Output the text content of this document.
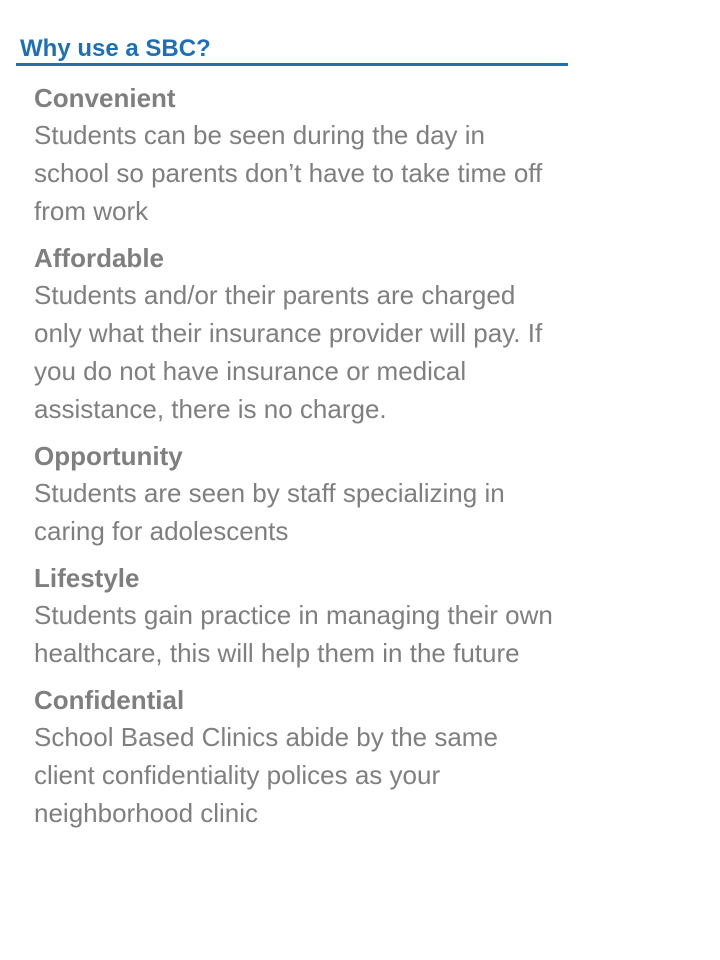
Why use a SBC?
Convenient
Students can be seen during the day in school so parents don’t have to take time off from work
Affordable
Students and/or their parents are charged only what their insurance provider will pay. If you do not have insurance or medical assistance, there is no charge.
Opportunity
Students are seen by staff specializing in caring for adolescents
Lifestyle
Students gain practice in managing their own healthcare, this will help them in the future
Confidential
School Based Clinics abide by the same client confidentiality polices as your neighborhood clinic
